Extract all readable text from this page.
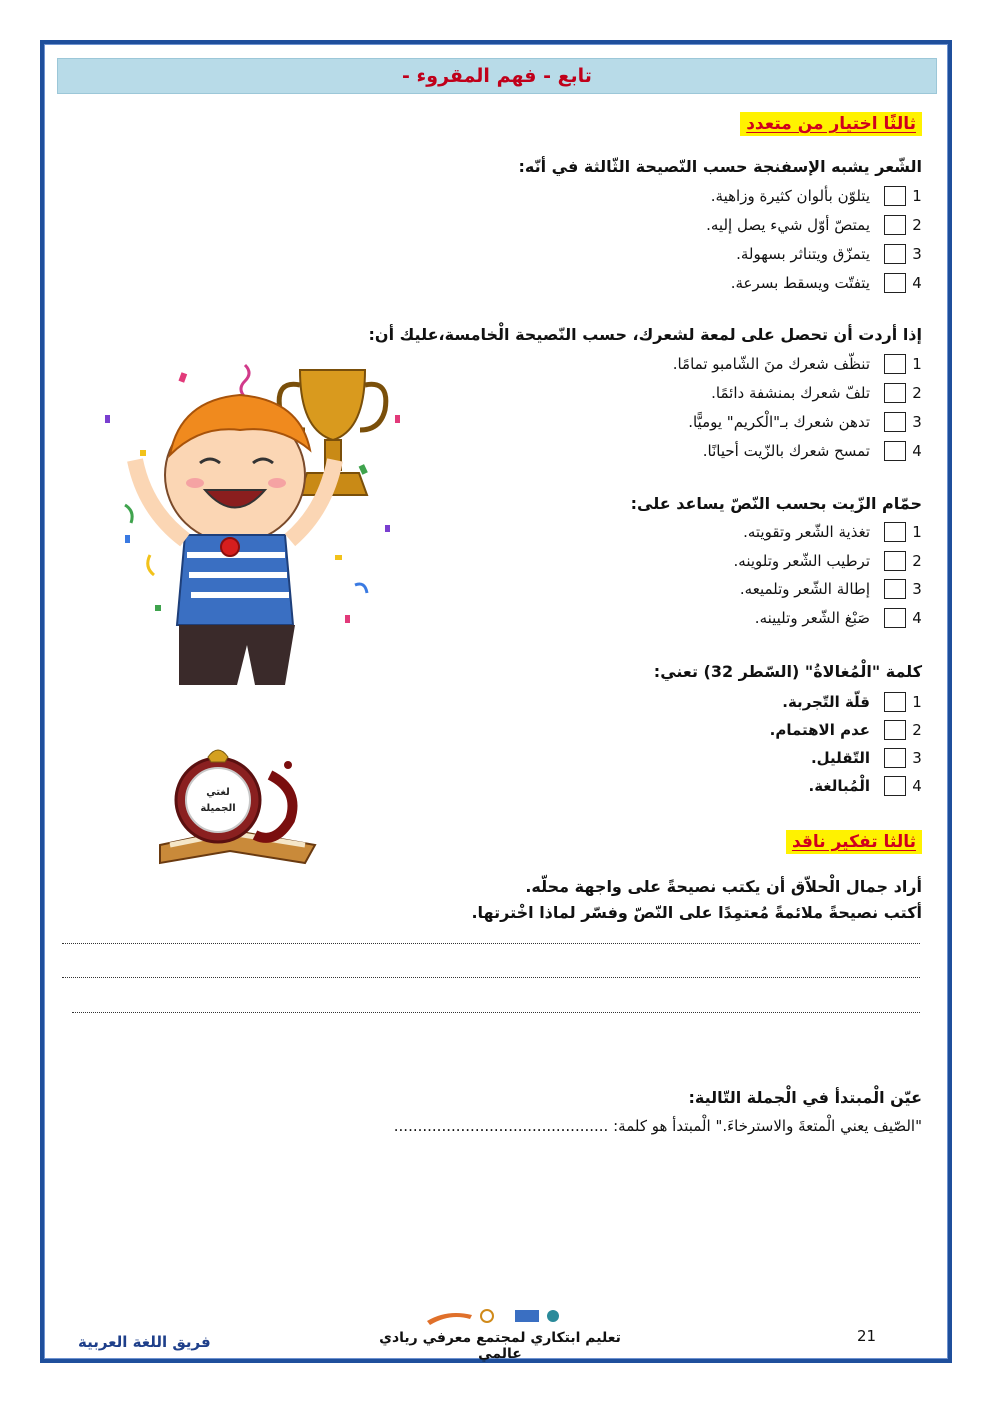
تابع - فهم المقروء -
ثالثًا اختيار من متعدد
الشّعر يشبه الإسفنجة حسب النّصيحة الثّالثة في أنّه:
1
يتلوّن بألوان كثيرة وزاهية.
2
يمتصّ أوّل شيء يصل إليه.
3
يتمزّق ويتناثر بسهولة.
4
يتفتّت ويسقط بسرعة.
إذا أردت أن تحصل على لمعة لشعرك، حسب النّصيحة الْخامسة،عليك أن:
1
تنظّف شعرك منَ الشّامبو تمامًا.
2
تلفّ شعرك بمنشفة دائمًا.
3
تدهن شعرك بـ"الْكريم" يوميًّا.
4
تمسح شعرك بالزّيت أحيانًا.
حمّام الزّيت بحسب النّصّ يساعد على:
1
تغذية الشّعر وتقويته.
2
ترطيب الشّعر وتلوينه.
3
إطالة الشّعر وتلميعه.
4
صَبْغ الشّعر وتليينه.
كلمة "الْمُغالاةُ" (السّطر 32) تعني:
1
قلّة التّجربة.
2
عدم الاهتمام.
3
التّقليل.
4
الْمُبالغة.
ثالثا تفكير ناقد
أراد جمال الْحلاّق أن يكتب نصيحةً على واجهة محلّه.
أكتب نصيحةً ملائمةً مُعتمِدًا على النّصّ وفسّر لماذا اخْترتها.
عيّن الْمبتدأ في الْجملة التّالية:
"الصّيف يعني الْمتعةَ والاسترخاءَ." الْمبتدأ هو كلمة: .............................................
لغتي
الجميلة
فريق اللغة العربية	تعليم ابتكاري لمجتمع معرفي ريادي عالمي
21
